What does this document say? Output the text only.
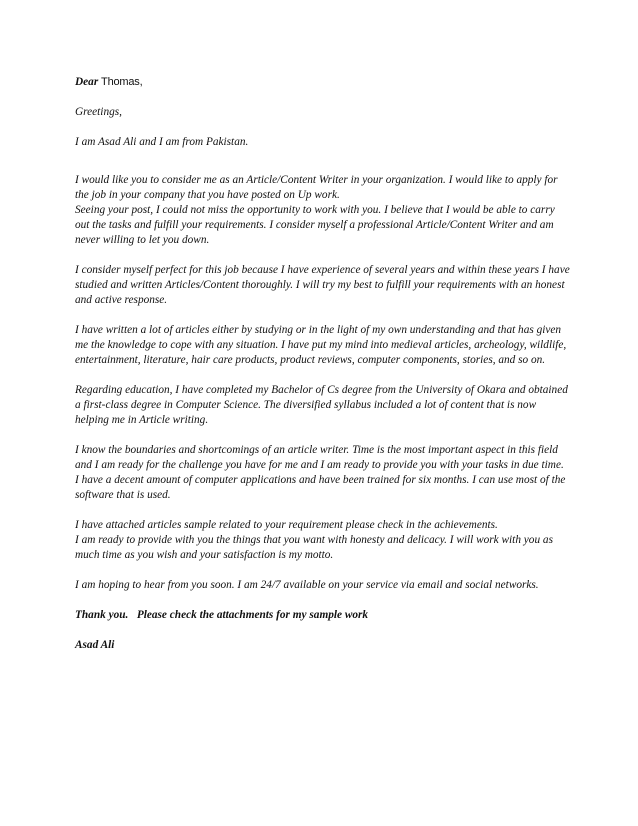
Dear Thomas,

Greetings,

I am Asad Ali and I am from Pakistan.

I would like you to consider me as an Article/Content Writer in your organization. I would like to apply for the job in your company that you have posted on Up work.

Seeing your post, I could not miss the opportunity to work with you. I believe that I would be able to carry out the tasks and fulfill your requirements. I consider myself a professional Article/Content Writer and am never willing to let you down.

I consider myself perfect for this job because I have experience of several years and within these years I have studied and written Articles/Content thoroughly. I will try my best to fulfill your requirements with an honest and active response.

I have written a lot of articles either by studying or in the light of my own understanding and that has given me the knowledge to cope with any situation. I have put my mind into medieval articles, archeology, wildlife, entertainment, literature, hair care products, product reviews, computer components, stories, and so on.

Regarding education, I have completed my Bachelor of Cs degree from the University of Okara and obtained a first-class degree in Computer Science. The diversified syllabus included a lot of content that is now helping me in Article writing.

I know the boundaries and shortcomings of an article writer. Time is the most important aspect in this field and I am ready for the challenge you have for me and I am ready to provide you with your tasks in due time.

I have a decent amount of computer applications and have been trained for six months. I can use most of the software that is used.

I have attached articles sample related to your requirement please check in the achievements.

I am ready to provide with you the things that you want with honesty and delicacy. I will work with you as much time as you wish and your satisfaction is my motto.

I am hoping to hear from you soon. I am 24/7 available on your service via email and social networks.

Thank you.   Please check the attachments for my sample work

Asad Ali
